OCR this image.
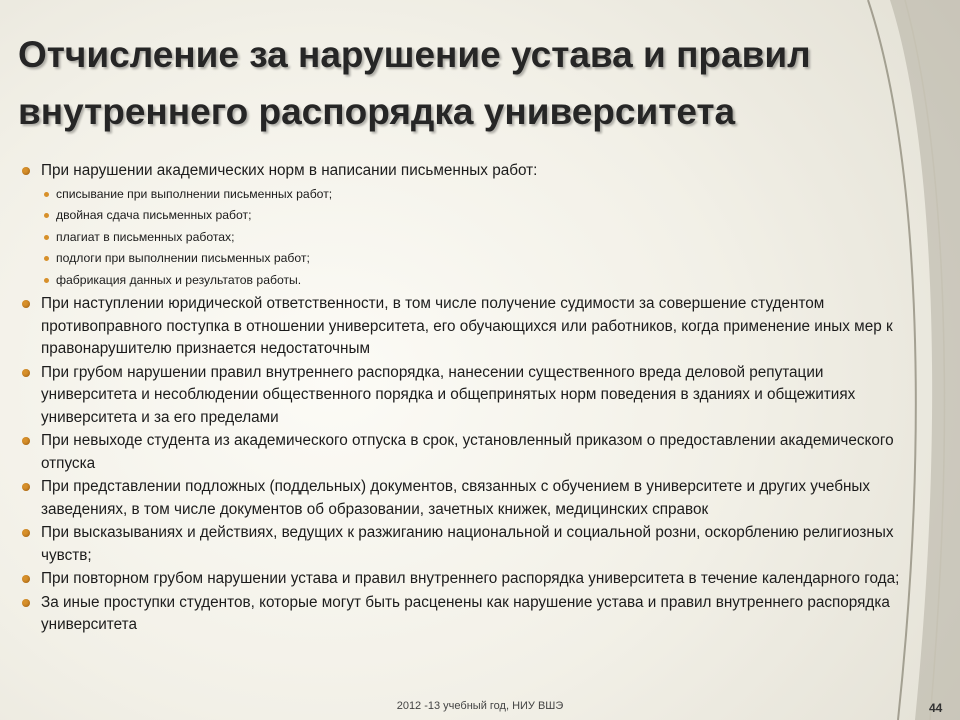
Отчисление за нарушение устава и правил внутреннего распорядка университета
При нарушении академических норм в написании письменных работ:
списывание при выполнении письменных работ;
двойная сдача письменных работ;
плагиат в письменных работах;
подлоги при выполнении письменных работ;
фабрикация данных и результатов работы.
При наступлении юридической ответственности, в том числе получение судимости за совершение студентом противоправного поступка в отношении университета, его обучающихся или работников, когда применение иных мер к правонарушителю признается недостаточным
При грубом нарушении правил внутреннего распорядка, нанесении существенного вреда деловой репутации университета и несоблюдении общественного порядка и общепринятых норм поведения в зданиях и общежитиях университета и за его пределами
При невыходе студента из академического отпуска в срок, установленный приказом о предоставлении академического отпуска
При представлении подложных (поддельных) документов, связанных с обучением в университете и других учебных заведениях, в том числе документов об образовании, зачетных книжек, медицинских справок
При высказываниях и действиях, ведущих к разжиганию национальной и социальной розни, оскорблению религиозных чувств;
При повторном грубом нарушении устава и правил внутреннего распорядка университета в течение календарного года;
За иные проступки студентов, которые могут быть расценены как нарушение устава и правил внутреннего распорядка университета
2012 -13 учебный год, НИУ ВШЭ	44
